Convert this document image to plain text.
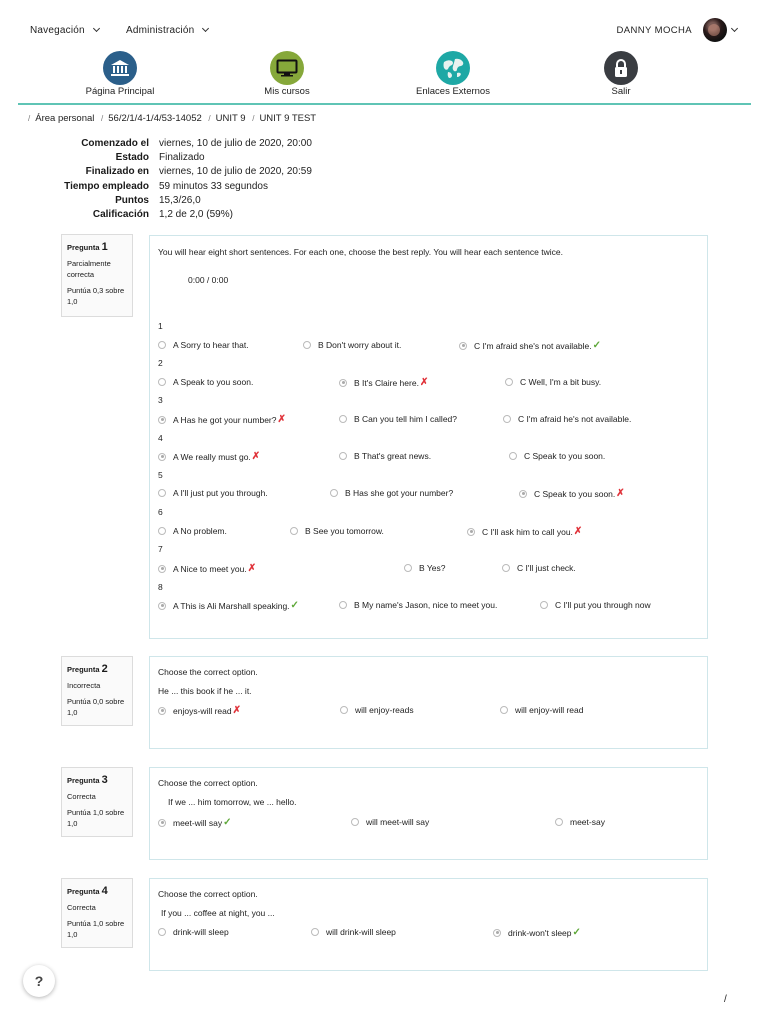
Navegación	Administración	DANNY MOCHA
Página Principal	Mis cursos	Enlaces Externos	Salir
/ Área personal / 56/2/1/4-1/4/53-14052 / UNIT 9 / UNIT 9 TEST
Comenzado el	viernes, 10 de julio de 2020, 20:00
Estado	Finalizado
Finalizado en	viernes, 10 de julio de 2020, 20:59
Tiempo empleado	59 minutos 33 segundos
Puntos	15,3/26,0
Calificación	1,2 de 2,0 (59%)
Pregunta 1
Parcialmente correcta
Puntúa 0,3 sobre 1,0
You will hear eight short sentences. For each one, choose the best reply. You will hear each sentence twice.
0:00 / 0:00
1
A Sorry to hear that.	B Don't worry about it.	C I'm afraid she's not available. ✓
2
A Speak to you soon.	B It's Claire here. ✗	C Well, I'm a bit busy.
3
A Has he got your number? ✗	B Can you tell him I called?	C I'm afraid he's not available.
4
A We really must go. ✗	B That's great news.	C Speak to you soon.
5
A I'll just put you through.	B Has she got your number?	C Speak to you soon. ✗
6
A No problem.	B See you tomorrow.	C I'll ask him to call you. ✗
7
A Nice to meet you. ✗	B Yes?	C I'll just check.
8
A This is Ali Marshall speaking. ✓	B My name's Jason, nice to meet you.	C I'll put you through now
Pregunta 2
Incorrecta
Puntúa 0,0 sobre 1,0
Choose the correct option.
He ... this book if he ... it.
enjoys-will read ✗	will enjoy-reads	will enjoy-will read
Pregunta 3
Correcta
Puntúa 1,0 sobre 1,0
Choose the correct option.
If we ... him tomorrow, we ... hello.
meet-will say ✓	will meet-will say	meet-say
Pregunta 4
Correcta
Puntúa 1,0 sobre 1,0
Choose the correct option.
If you ... coffee at night, you ...
drink-will sleep	will drink-will sleep	drink-won't sleep ✓
?
/
